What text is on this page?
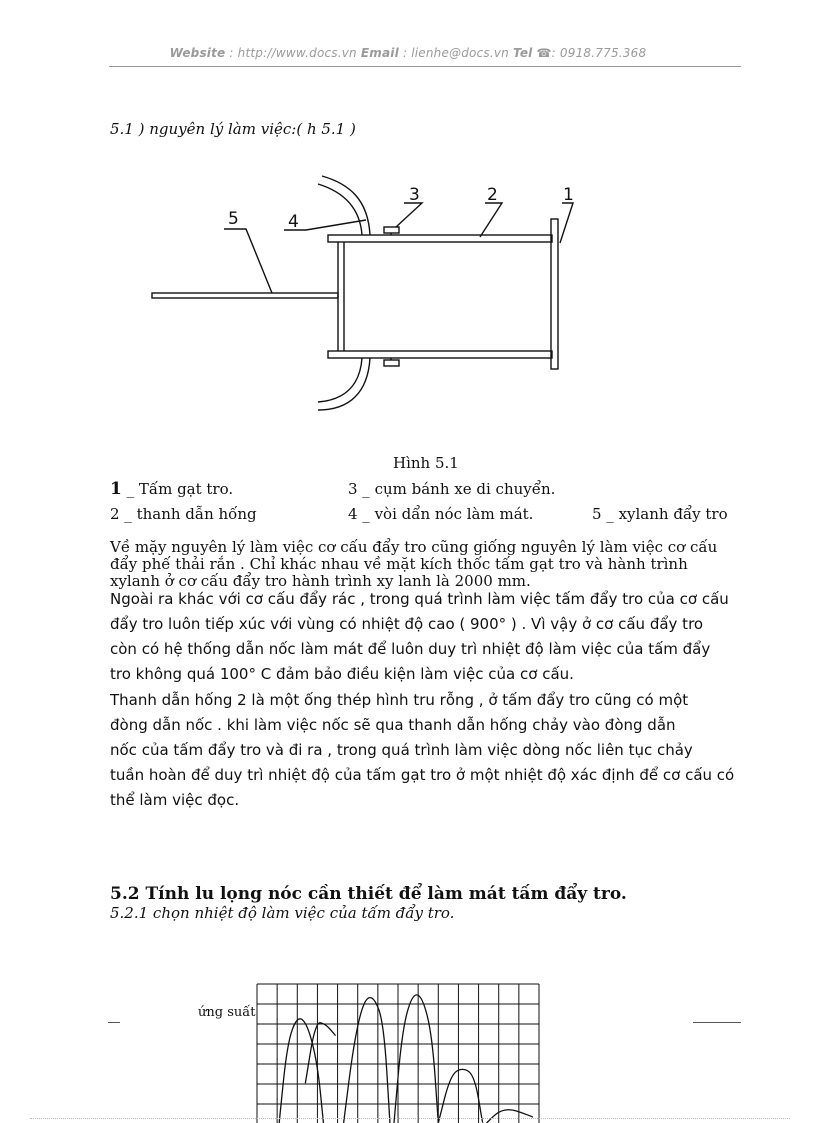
Website : http://www.docs.vn Email : lienhe@docs.vn Tel ☎: 0918.775.368
5.1 ) nguyên lý làm việc:( h 5.1 )
1
2
3
4
5
Hình 5.1
1 _ Tấm gạt tro.	3 _ cụm bánh xe di chuyển.
2 _ thanh dẫn hống	4 _ vòi dẩn nóc làm mát.	5 _ xylanh đẩy tro
Về mặy nguyên lý làm việc cơ cấu đẩy tro cũng giống nguyên lý làm việc cơ cấu
đẩy phế thải rắn . Chỉ khác nhau về mặt kích thốc tấm gạt tro và hành trình
xylanh ở cơ cấu đẩy tro hành trình xy lanh là 2000 mm.
Ngoài ra khác với cơ cấu đẩy rác , trong quá trình làm việc tấm đẩy tro của cơ cấu
đẩy tro luôn tiếp xúc với vùng có nhiệt độ cao ( 900° ) . Vì vậy ở cơ cấu đẩy tro
còn có hệ thống dẫn nốc làm mát để luôn duy trì nhiệt độ làm việc của tấm đẩy
tro không quá 100° C đảm bảo điều kiện làm việc của cơ cấu.
Thanh dẫn hống 2 là một ống thép hình tru rỗng , ở tấm đẩy tro cũng có một
đòng dẫn nốc . khi làm việc nốc sẽ qua thanh dẫn hống chảy vào đòng dẫn
nốc của tấm đẩy tro và đi ra , trong quá trình làm việc dòng nốc liên tục chảy
tuần hoàn để duy trì nhiệt độ của tấm gạt tro ở một nhiệt độ xác định để cơ cấu có
thể làm việc đọc.
5.2 Tính lu lọng nóc cần thiết để làm mát tấm đẩy tro.
5.2.1 chọn nhiệt độ làm việc của tấm đẩy tro.
ứng suất
